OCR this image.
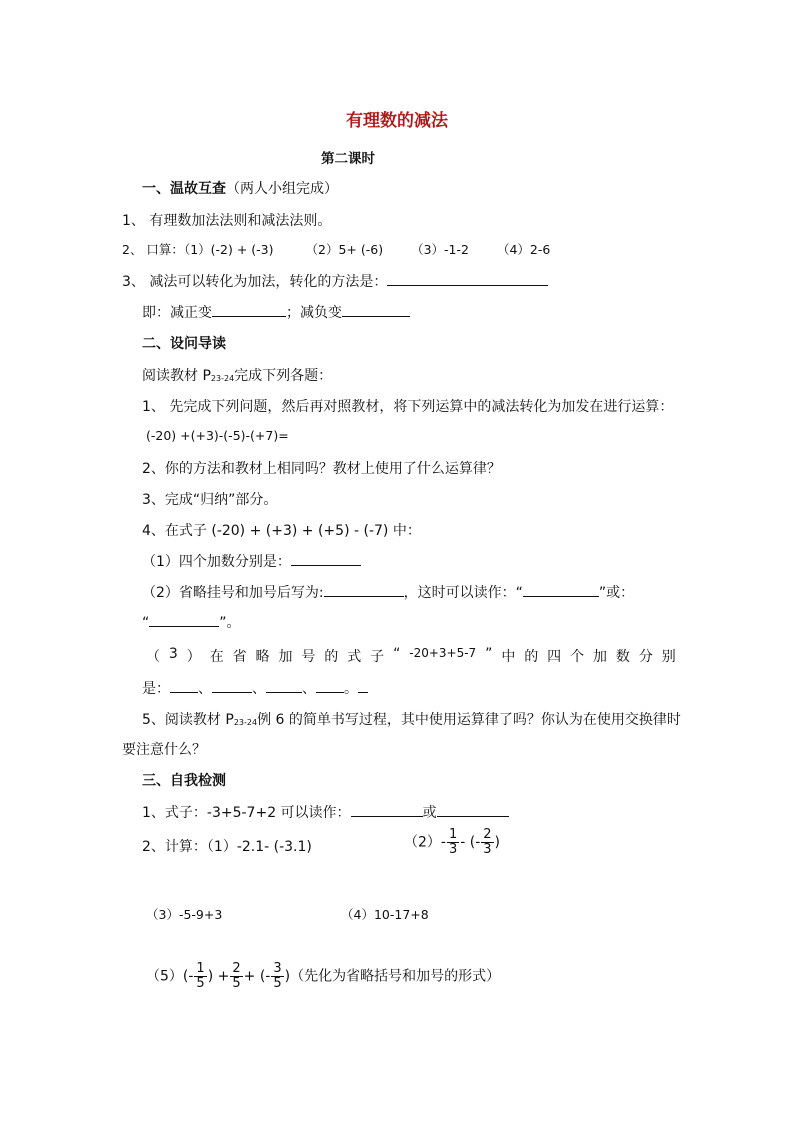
有理数的减法
第二课时
一、温故互查（两人小组完成）
1、 有理数加法法则和减法法则。
2、 口算：（1）(-2) + (-3)	（2）5+ (-6) （3）-1-2 （4）2-6
3、 减法可以转化为加法，转化的方法是：
即：减正变	；减负变
二、设问导读
阅读教材 P23-24完成下列各题：
1、 先完成下列问题，然后再对照教材，将下列运算中的减法转化为加发在进行运算：
(-20) +(+3)-(-5)-(+7)=
2、你的方法和教材上相同吗？教材上使用了什么运算律？
3、完成“归纳”部分。
4、在式子 (-20) + (+3) + (+5) - (-7) 中：
（1）四个加数分别是：
（2）省略挂号和加号后写为:	，这时可以读作：“	”或：
“	”。
（ 3 ） 在 省 略 加 号 的 式 子 “ -20+3+5-7 ” 中 的 四 个 加 数 分 别
是： 、	、	、 。
5、阅读教材 P23-24例 6 的简单书写过程，其中使用运算律了吗？你认为在使用交换律时
要注意什么？
三、自我检测
1、式子：-3+5-7+2 可以读作：	或
2、计算：（1）-2.1- (-3.1)	$(2)- \frac{1}{3}$ - (- $\frac{2}{3}$ )
（3）-5-9+3	（4）10-17+8
$(5)(- \frac{1}{5}$ ) + $\frac{2}{5}$ + (- $\frac{3}{5}$ )（先化为省略括号和加号的形式）
